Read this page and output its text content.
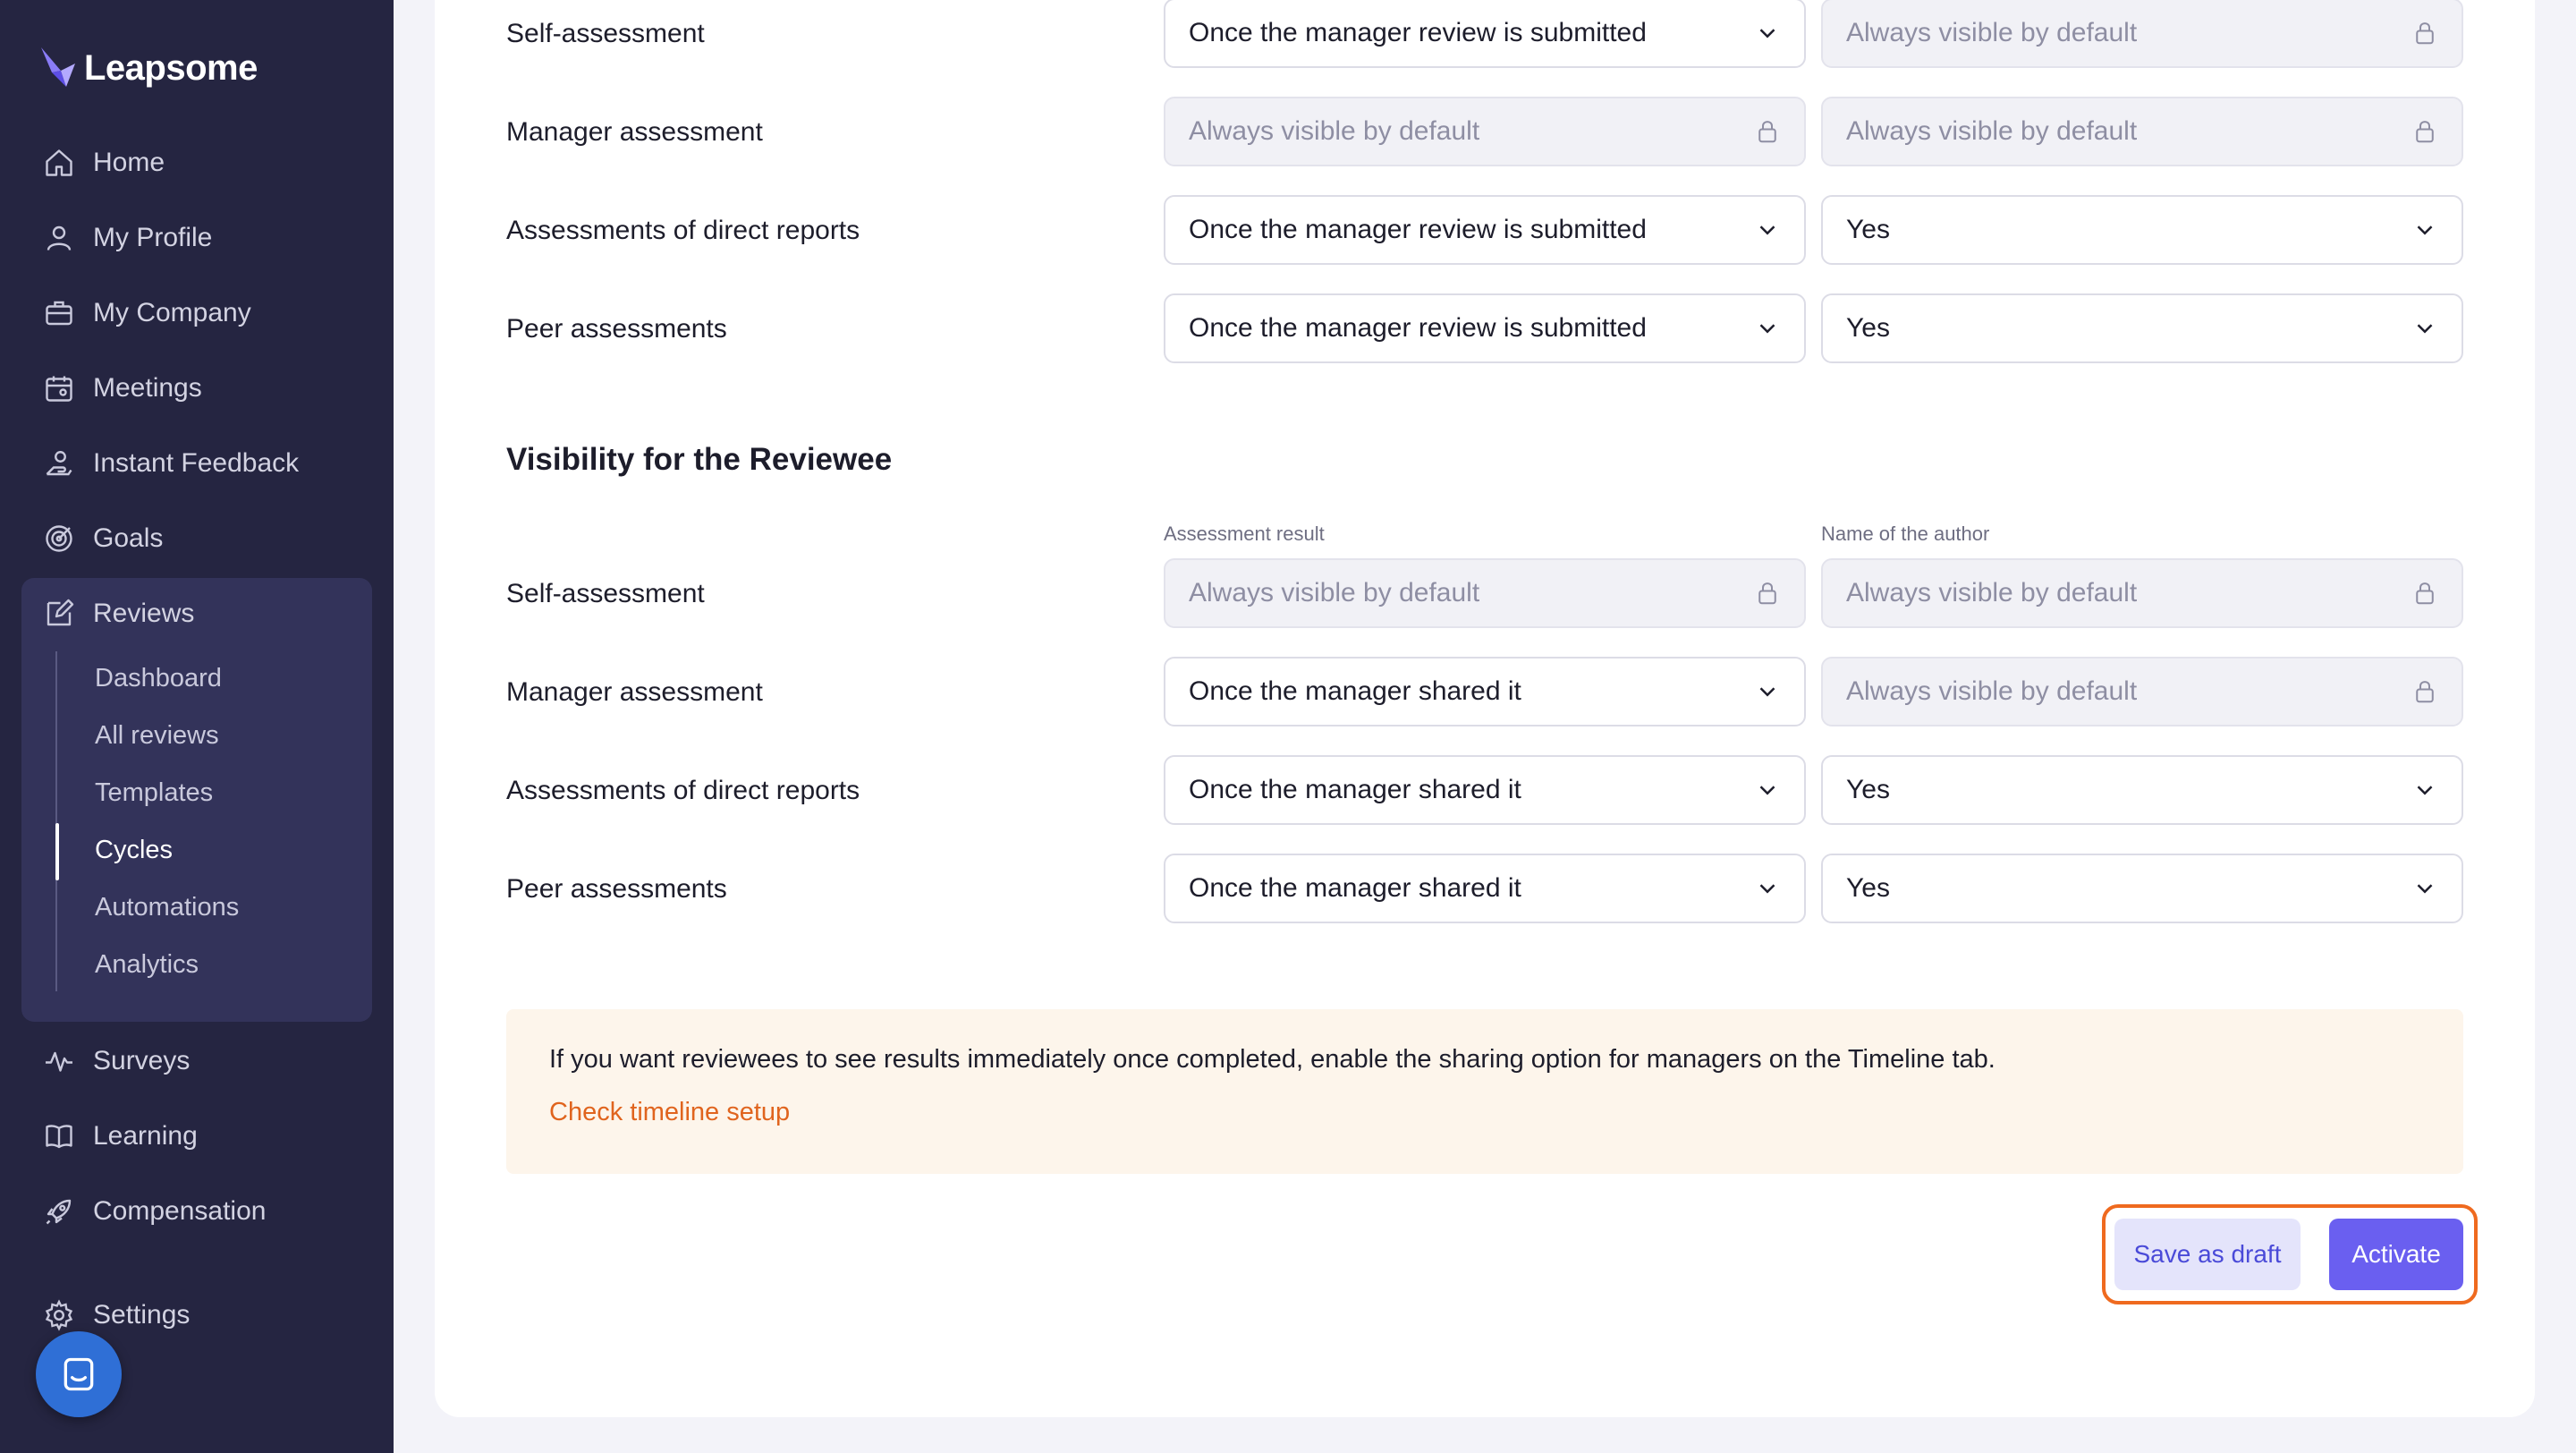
Leapsome
Home
My Profile
My Company
Meetings
Instant Feedback
Goals
Reviews
Dashboard
All reviews
Templates
Cycles
Automations
Analytics
Surveys
Learning
Compensation
Settings
Self-assessment	Once the manager review is submitted	Always visible by default
Manager assessment	Always visible by default	Always visible by default
Assessments of direct reports	Once the manager review is submitted	Yes
Peer assessments	Once the manager review is submitted	Yes
Visibility for the Reviewee
Assessment result	Name of the author
Self-assessment	Always visible by default	Always visible by default
Manager assessment	Once the manager shared it	Always visible by default
Assessments of direct reports	Once the manager shared it	Yes
Peer assessments	Once the manager shared it	Yes
If you want reviewees to see results immediately once completed, enable the sharing option for managers on the Timeline tab.
Check timeline setup
Save as draft	Activate
